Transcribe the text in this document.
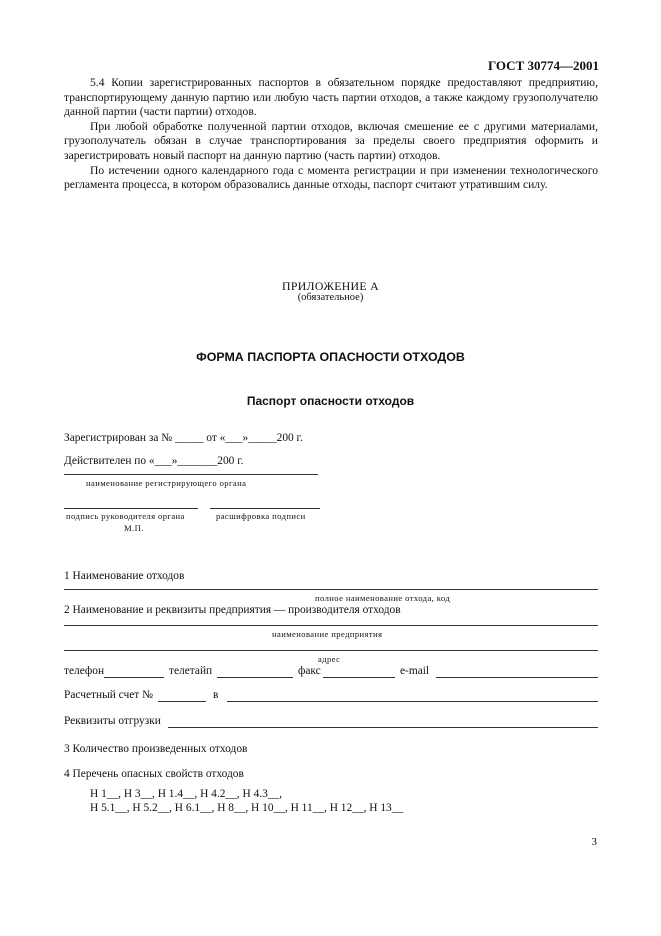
ГОСТ 30774—2001

5.4 Копии зарегистрированных паспортов в обязательном порядке предоставляют предприятию, транспортирующему данную партию или любую часть партии отходов, а также каждому грузополучателю данной партии (части партии) отходов.

При любой обработке полученной партии отходов, включая смешение ее с другими материалами, грузополучатель обязан в случае транспортирования за пределы своего предприятия оформить и зарегистрировать новый паспорт на данную партию (часть партии) отходов.

По истечении одного календарного года с момента регистрации и при изменении технологического регламента процесса, в котором образовались данные отходы, паспорт считают утратившим силу.

ПРИЛОЖЕНИЕ А
(обязательное)
ФОРМА ПАСПОРТА ОПАСНОСТИ ОТХОДОВ
Паспорт опасности отходов
Зарегистрирован за № _____ от «___»_____200 г.
Действителен по «___»_______200 г.
наименование регистрирующего органа
подпись руководителя органа	расшифровка подписи
М.П.
1 Наименование отходов
полное наименование отхода, код
2 Наименование и реквизиты предприятия — производителя отходов
наименование предприятия
адрес
телефон	телетайп	факс	e-mail
Расчетный счет №	в
Реквизиты отгрузки
3 Количество произведенных отходов
4 Перечень опасных свойств отходов
Н 1__, Н 3__, Н 1.4__, Н 4.2__, Н 4.3__,
Н 5.1__, Н 5.2__, Н 6.1__, Н 8__, Н 10__, Н 11__, Н 12__, Н 13__
3
